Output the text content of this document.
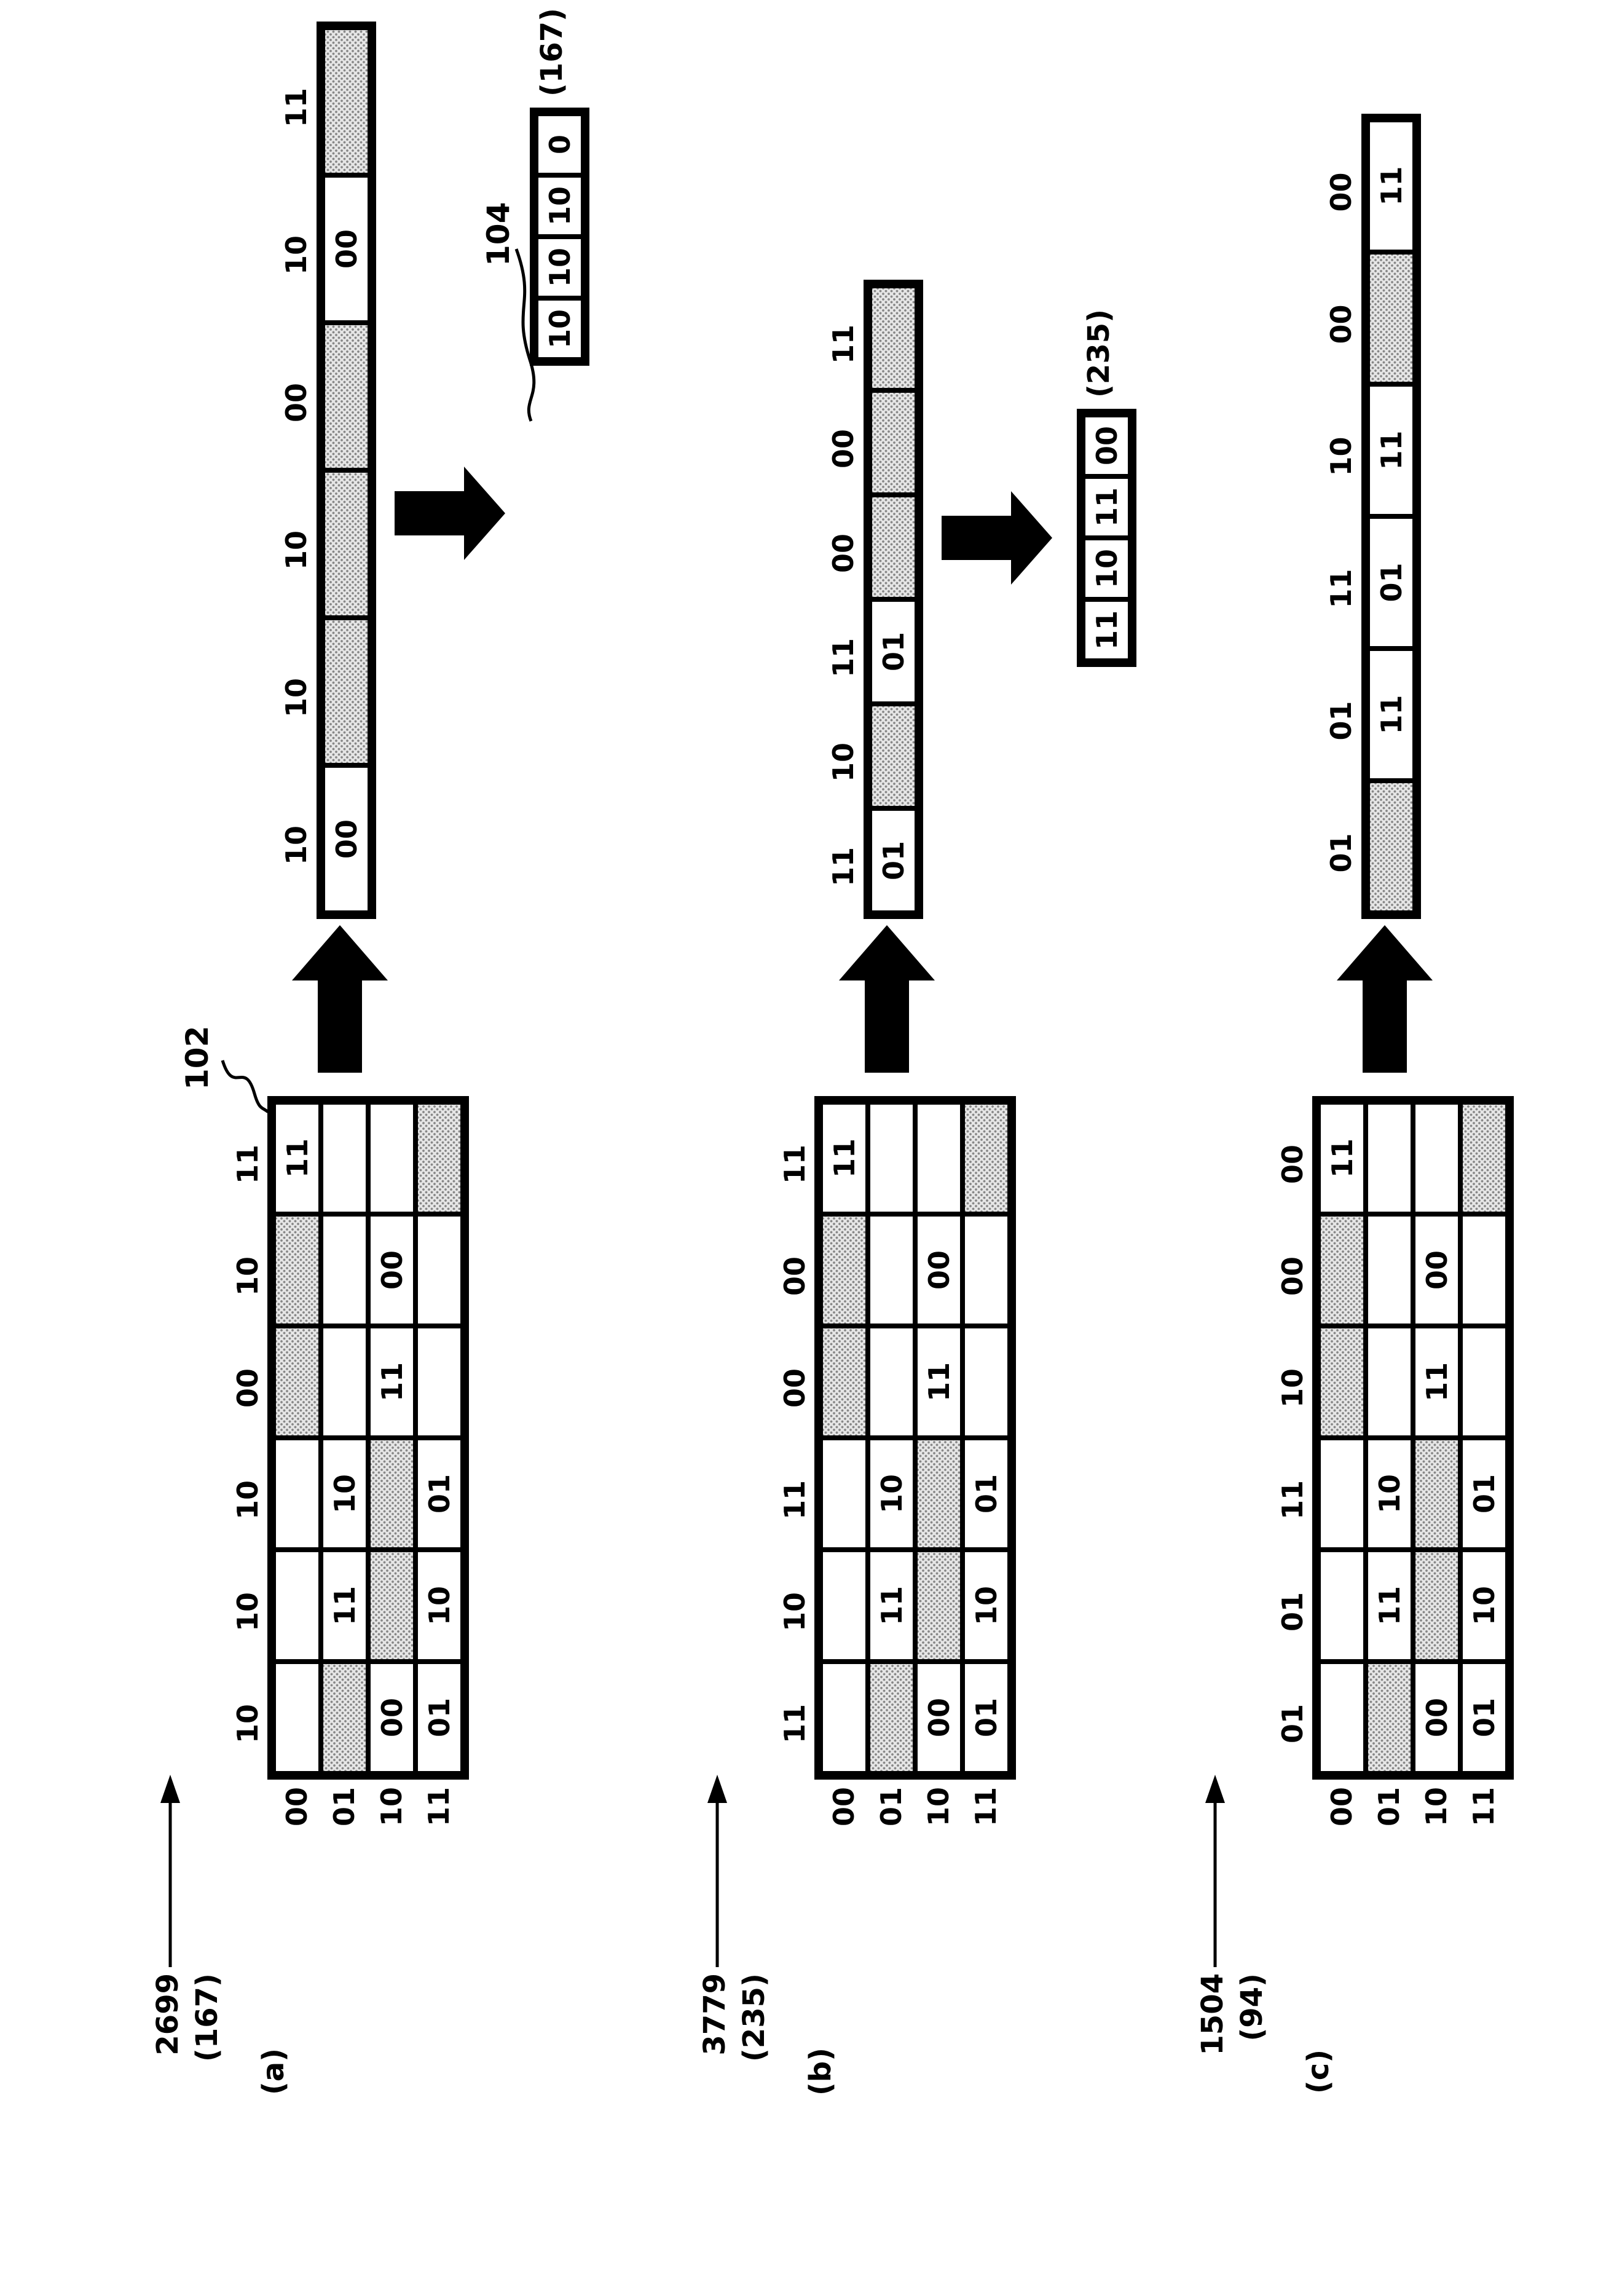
2699 (167)
(a)
3779 (235)
(b)
1504 (94)
(c)
102
104
10
10
10
00
10
11
00 01 10 11
11
11
10
00
11
00
01
10
01
10
10
10
00
10
11
00
00
10
10
10
0
(167)
11
10
11
00
00
11
00 01 10 11
11
11
10
00
11
00
01
10
01
11
10
11
00
00
11
01
01
11
10
11
00
(235)
01
01
11
10
00
00
00 01 10 11
11
11
10
00
11
00
01
10
01
01
01
11
10
00
00
11
01
11
11
